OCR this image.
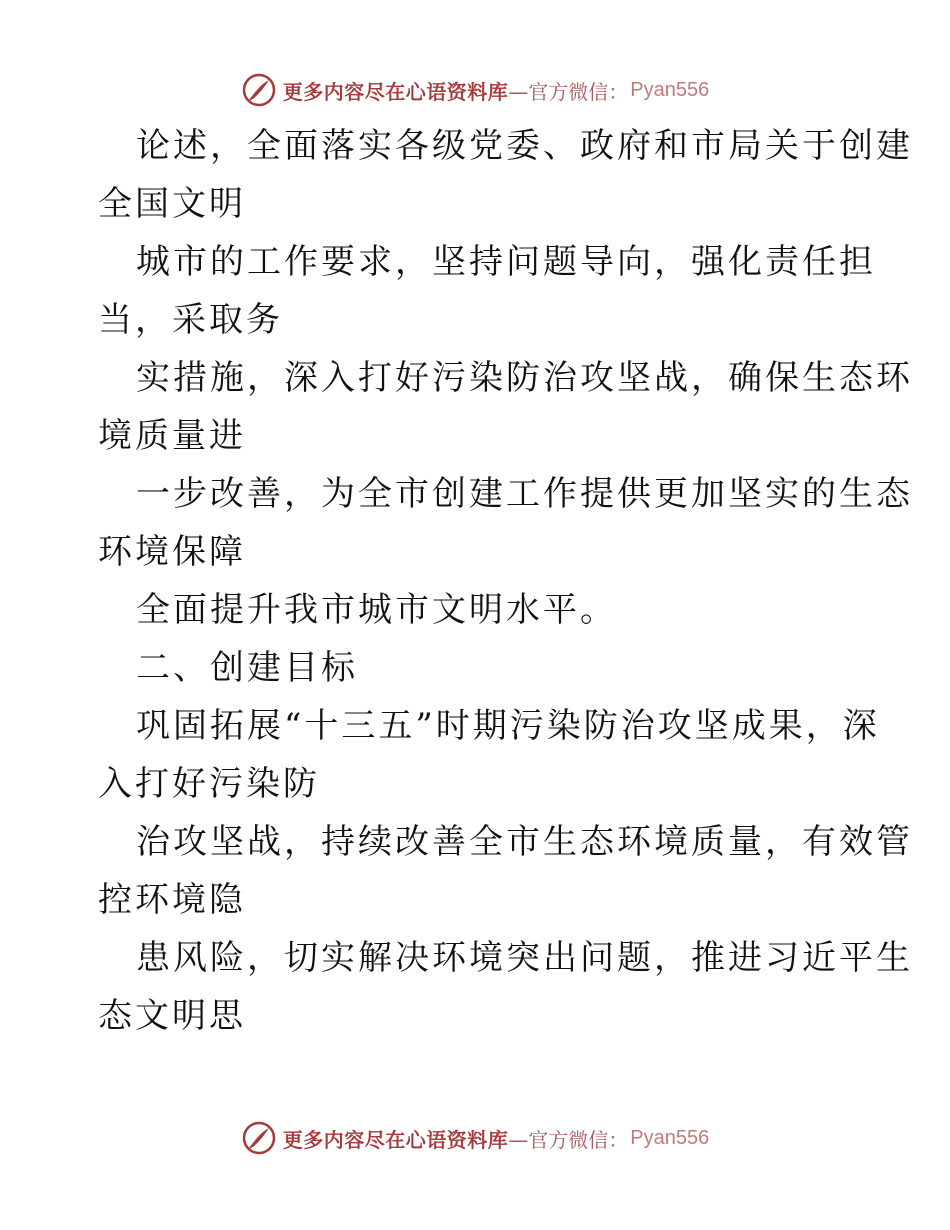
更多内容尽在心语资料库 —官方微信： Pyan556
论述，全面落实各级党委、政府和市局关于创建
全国文明
城市的工作要求，坚持问题导向，强化责任担
当，采取务
实措施，深入打好污染防治攻坚战，确保生态环
境质量进
一步改善，为全市创建工作提供更加坚实的生态
环境保障
全面提升我市城市文明水平。
二、创建目标
巩固拓展“十三五”时期污染防治攻坚成果，深
入打好污染防
治攻坚战，持续改善全市生态环境质量，有效管
控环境隐
患风险，切实解决环境突出问题，推进习近平生
态文明思
更多内容尽在心语资料库 —官方微信： Pyan556
